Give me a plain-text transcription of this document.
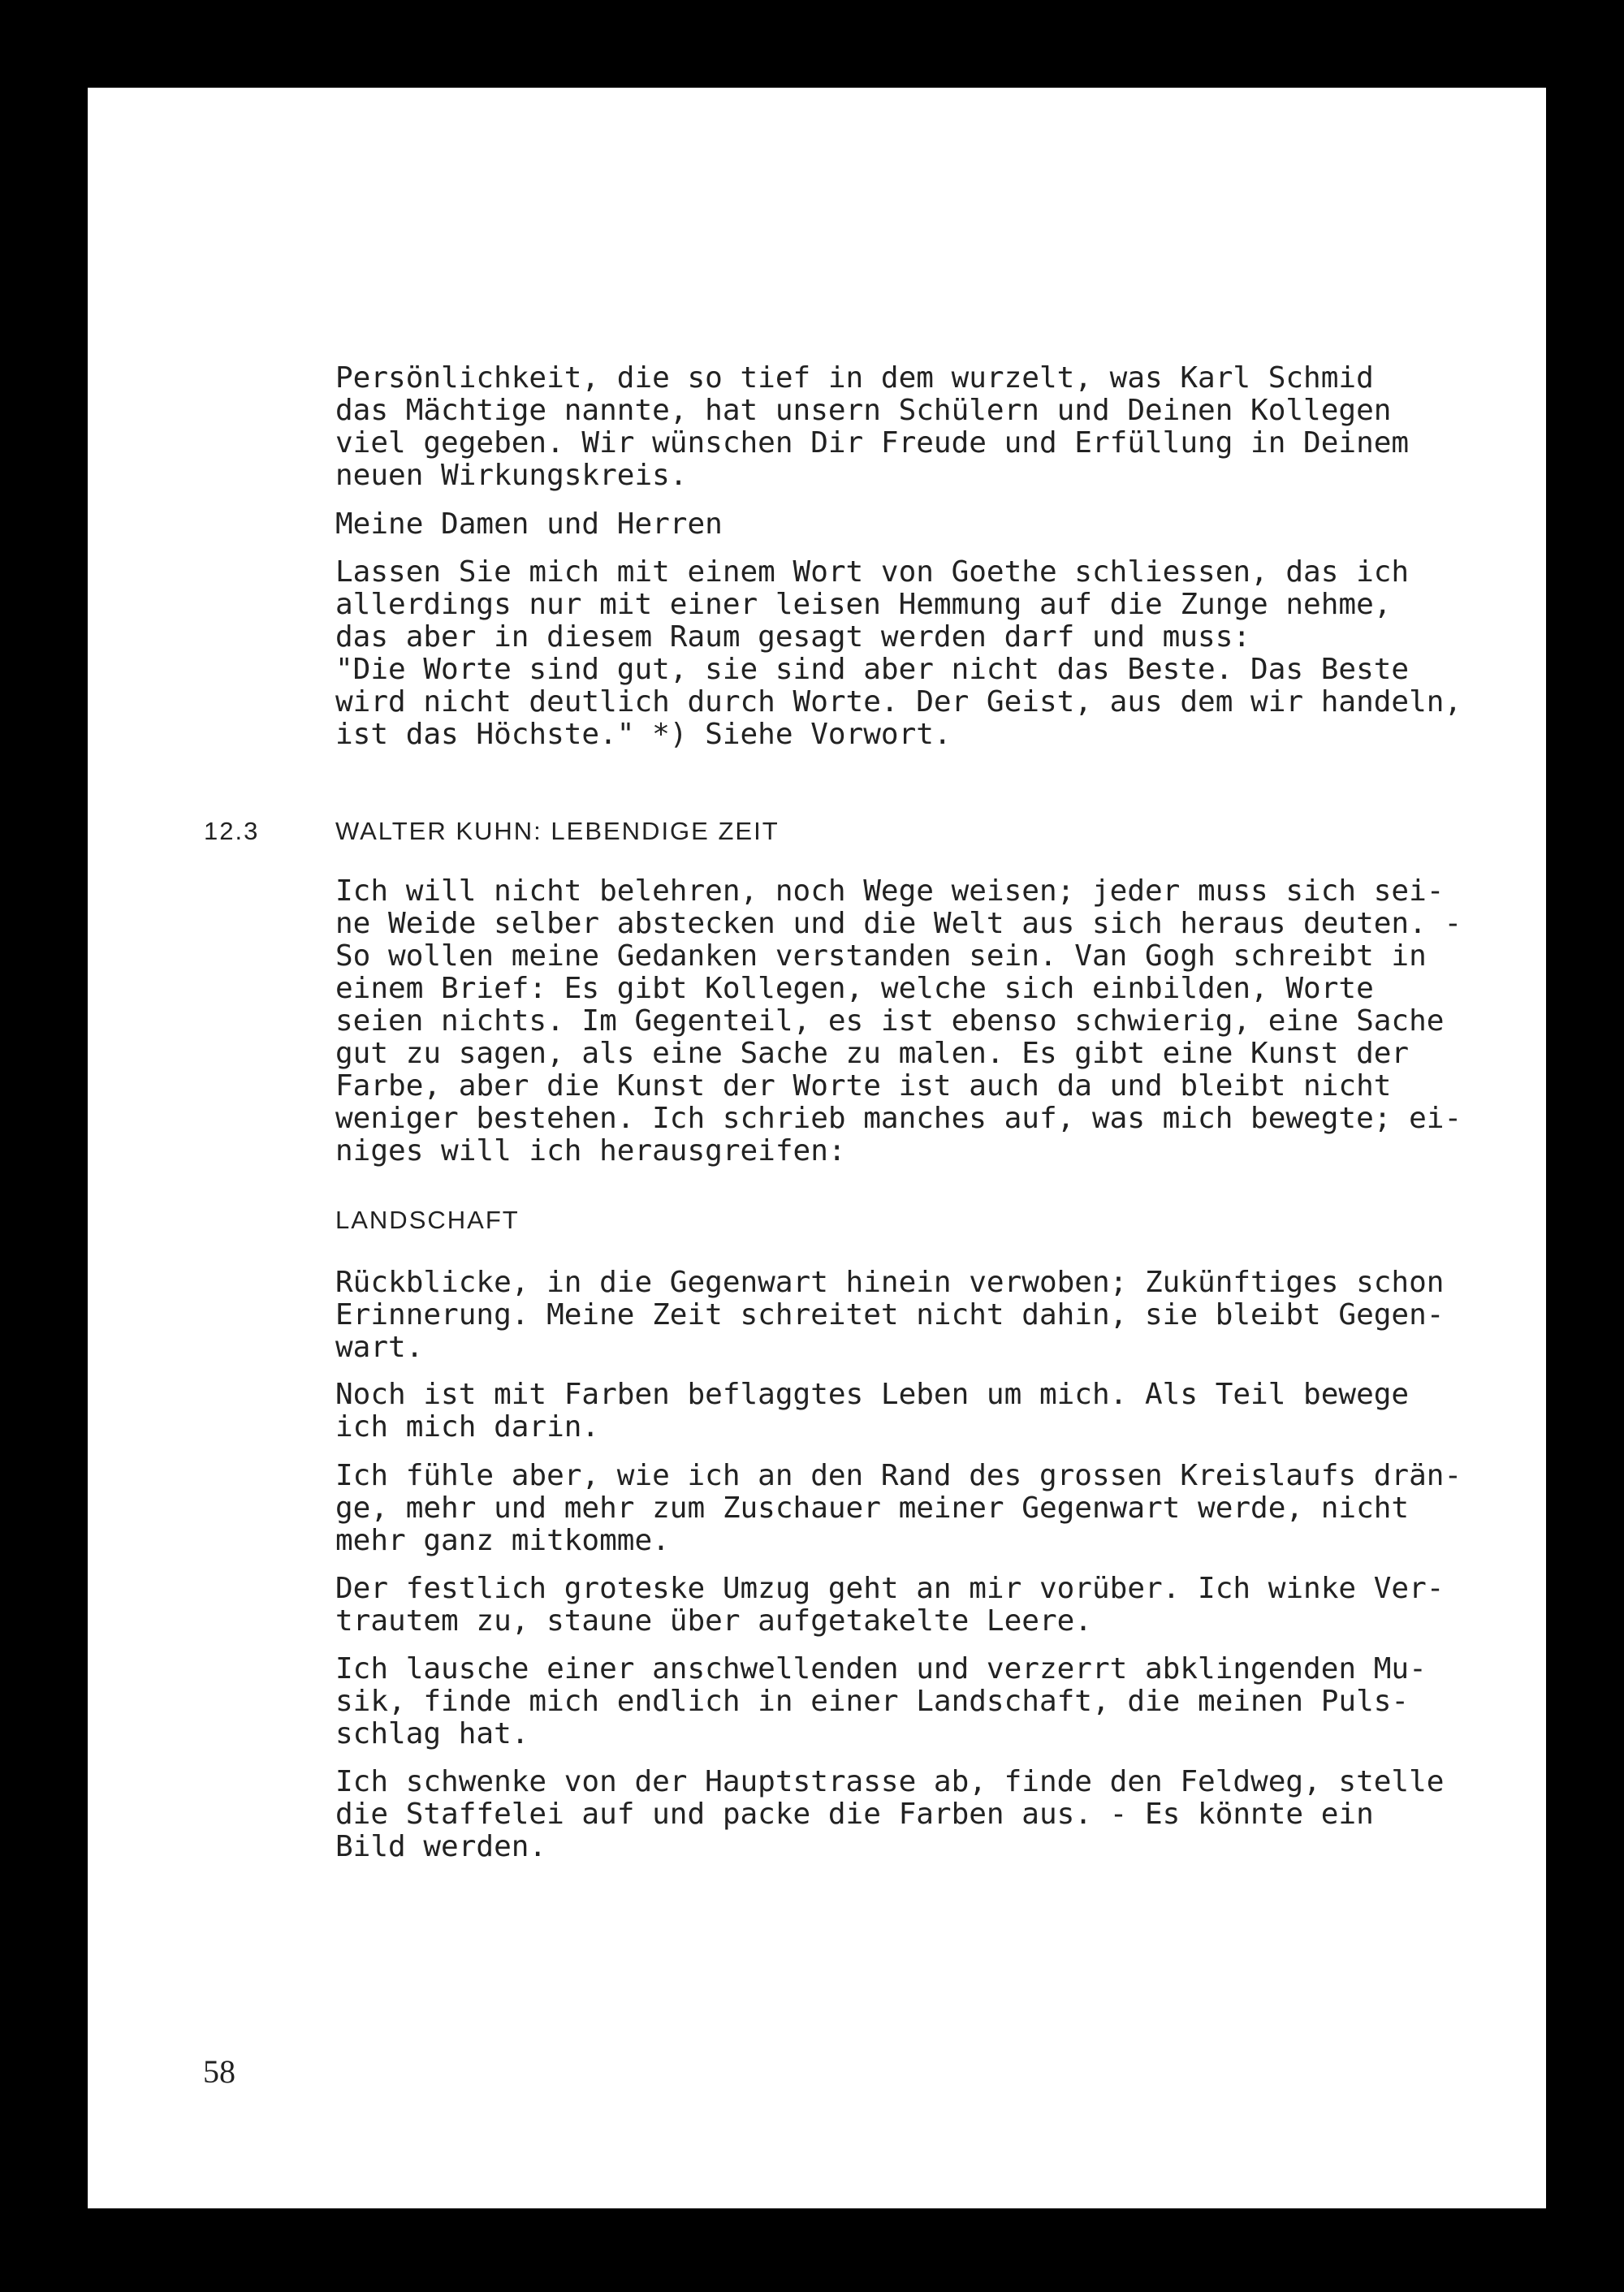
Persönlichkeit, die so tief in dem wurzelt, was Karl Schmid
das Mächtige nannte, hat unsern Schülern und Deinen Kollegen
viel gegeben. Wir wünschen Dir Freude und Erfüllung in Deinem
neuen Wirkungskreis.
Meine Damen und Herren
Lassen Sie mich mit einem Wort von Goethe schliessen, das ich
allerdings nur mit einer leisen Hemmung auf die Zunge nehme,
das aber in diesem Raum gesagt werden darf und muss:
"Die Worte sind gut, sie sind aber nicht das Beste. Das Beste
wird nicht deutlich durch Worte. Der Geist, aus dem wir handeln,
ist das Höchste." *) Siehe Vorwort.
12.3	WALTER KUHN: LEBENDIGE ZEIT
Ich will nicht belehren, noch Wege weisen; jeder muss sich sei-
ne Weide selber abstecken und die Welt aus sich heraus deuten. -
So wollen meine Gedanken verstanden sein. Van Gogh schreibt in
einem Brief: Es gibt Kollegen, welche sich einbilden, Worte
seien nichts. Im Gegenteil, es ist ebenso schwierig, eine Sache
gut zu sagen, als eine Sache zu malen. Es gibt eine Kunst der
Farbe, aber die Kunst der Worte ist auch da und bleibt nicht
weniger bestehen. Ich schrieb manches auf, was mich bewegte; ei-
niges will ich herausgreifen:
LANDSCHAFT
Rückblicke, in die Gegenwart hinein verwoben; Zukünftiges schon
Erinnerung. Meine Zeit schreitet nicht dahin, sie bleibt Gegen-
wart.
Noch ist mit Farben beflaggtes Leben um mich. Als Teil bewege
ich mich darin.
Ich fühle aber, wie ich an den Rand des grossen Kreislaufs drän-
ge, mehr und mehr zum Zuschauer meiner Gegenwart werde, nicht
mehr ganz mitkomme.
Der festlich groteske Umzug geht an mir vorüber. Ich winke Ver-
trautem zu, staune über aufgetakelte Leere.
Ich lausche einer anschwellenden und verzerrt abklingenden Mu-
sik, finde mich endlich in einer Landschaft, die meinen Puls-
schlag hat.
Ich schwenke von der Hauptstrasse ab, finde den Feldweg, stelle
die Staffelei auf und packe die Farben aus. - Es könnte ein
Bild werden.
58
